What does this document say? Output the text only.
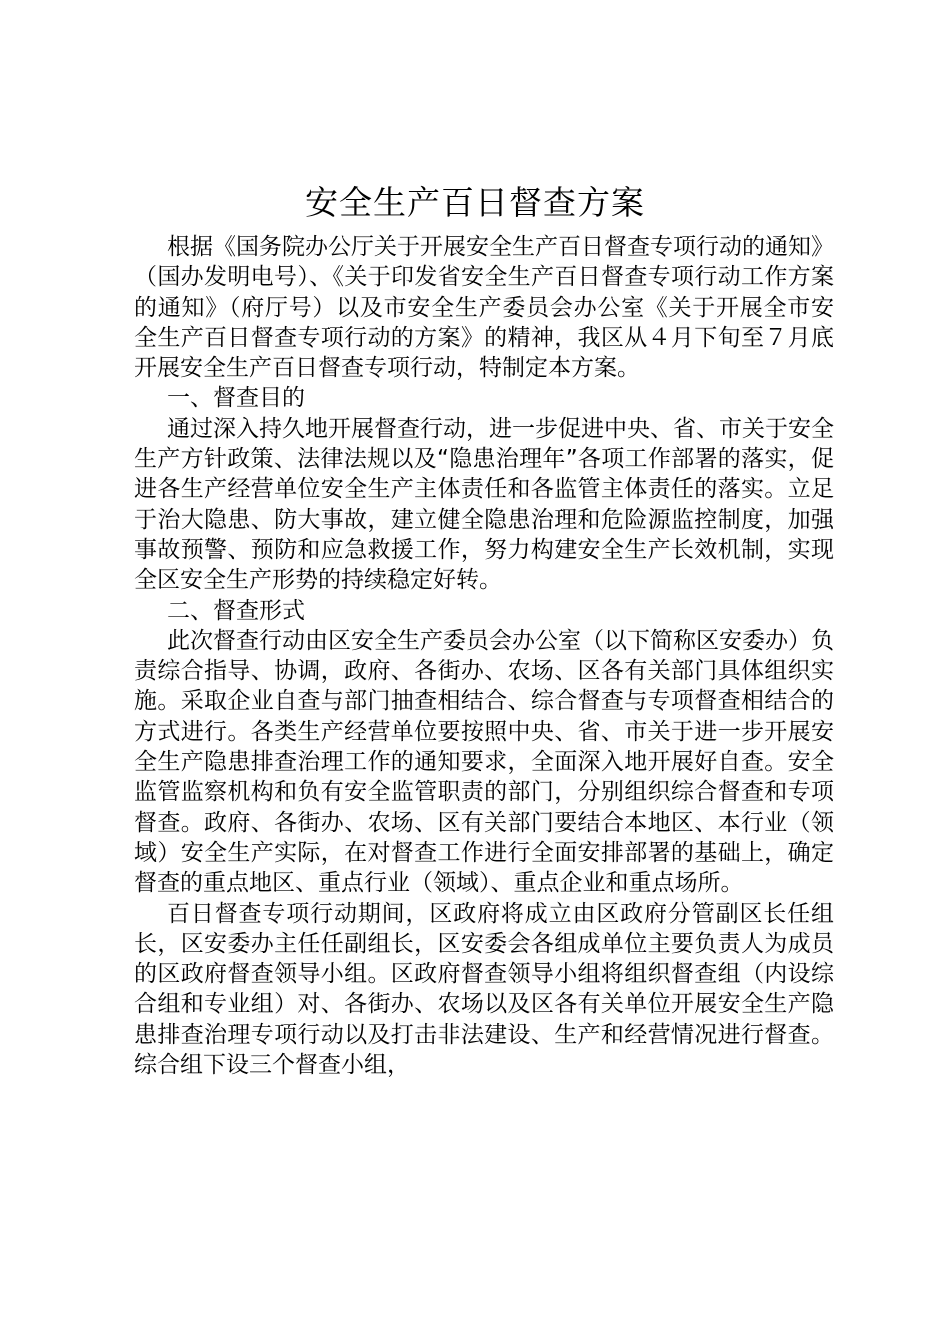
安全生产百日督查方案

根据《国务院办公厅关于开展安全生产百日督查专项行动的通知》（国办发明电号）、《关于印发省安全生产百日督查专项行动工作方案的通知》（府厅号）以及市安全生产委员会办公室《关于开展全市安全生产百日督查专项行动的方案》的精神，我区从４月下旬至７月底开展安全生产百日督查专项行动，特制定本方案。

一、督查目的

通过深入持久地开展督查行动，进一步促进中央、省、市关于安全生产方针政策、法律法规以及“隐患治理年”各项工作部署的落实，促进各生产经营单位安全生产主体责任和各监管主体责任的落实。立足于治大隐患、防大事故，建立健全隐患治理和危险源监控制度，加强事故预警、预防和应急救援工作，努力构建安全生产长效机制，实现全区安全生产形势的持续稳定好转。

二、督查形式

此次督查行动由区安全生产委员会办公室（以下简称区安委办）负责综合指导、协调，政府、各街办、农场、区各有关部门具体组织实施。采取企业自查与部门抽查相结合、综合督查与专项督查相结合的方式进行。各类生产经营单位要按照中央、省、市关于进一步开展安全生产隐患排查治理工作的通知要求，全面深入地开展好自查。安全监管监察机构和负有安全监管职责的部门，分别组织综合督查和专项督查。政府、各街办、农场、区有关部门要结合本地区、本行业（领域）安全生产实际，在对督查工作进行全面安排部署的基础上，确定督查的重点地区、重点行业（领域）、重点企业和重点场所。

百日督查专项行动期间，区政府将成立由区政府分管副区长任组长，区安委办主任任副组长，区安委会各组成单位主要负责人为成员的区政府督查领导小组。区政府督查领导小组将组织督查组（内设综合组和专业组）对、各街办、农场以及区各有关单位开展安全生产隐患排查治理专项行动以及打击非法建设、生产和经营情况进行督查。综合组下设三个督查小组，
